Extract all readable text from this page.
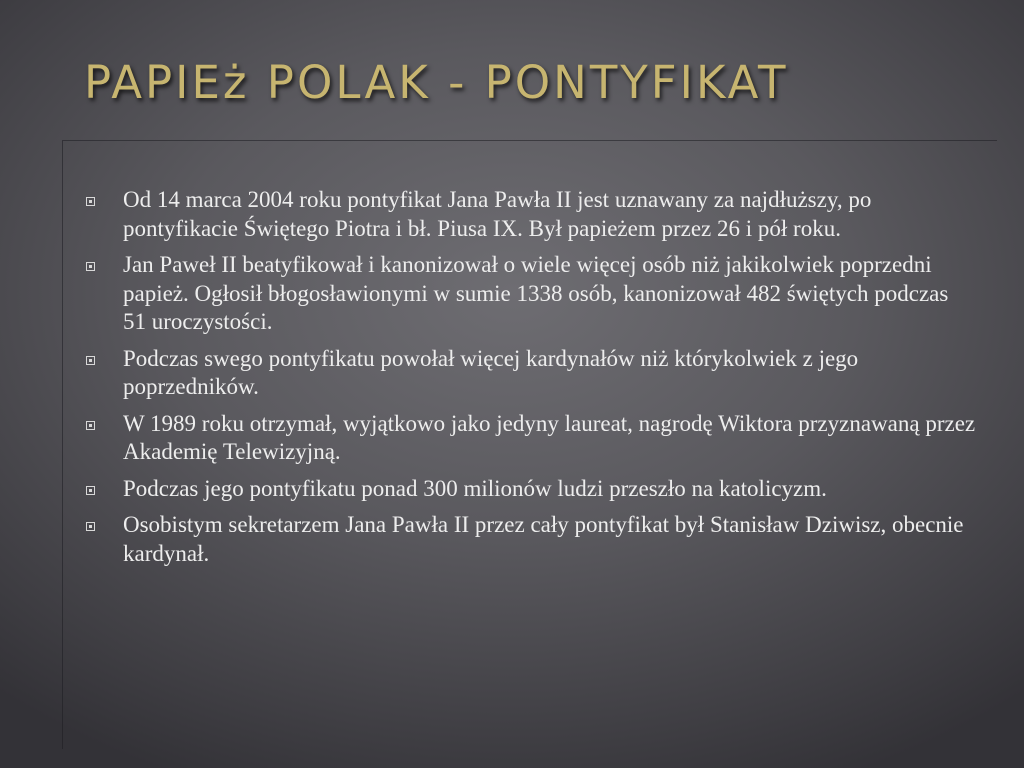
PAPIEż POLAK - PONTYFIKAT
Od 14 marca 2004 roku pontyfikat Jana Pawła II jest uznawany za najdłuższy, po pontyfikacie Świętego Piotra i bł. Piusa IX. Był papieżem przez 26 i pół roku.
Jan Paweł II beatyfikował i kanonizował o wiele więcej osób niż jakikolwiek poprzedni papież. Ogłosił błogosławionymi w sumie 1338 osób, kanonizował 482 świętych podczas 51 uroczystości.
Podczas swego pontyfikatu powołał więcej kardynałów niż którykolwiek z jego poprzedników.
W 1989 roku otrzymał, wyjątkowo jako jedyny laureat, nagrodę Wiktora przyznawaną przez Akademię Telewizyjną.
Podczas jego pontyfikatu ponad 300 milionów ludzi przeszło na katolicyzm.
Osobistym sekretarzem Jana Pawła II przez cały pontyfikat był Stanisław Dziwisz, obecnie kardynał.
